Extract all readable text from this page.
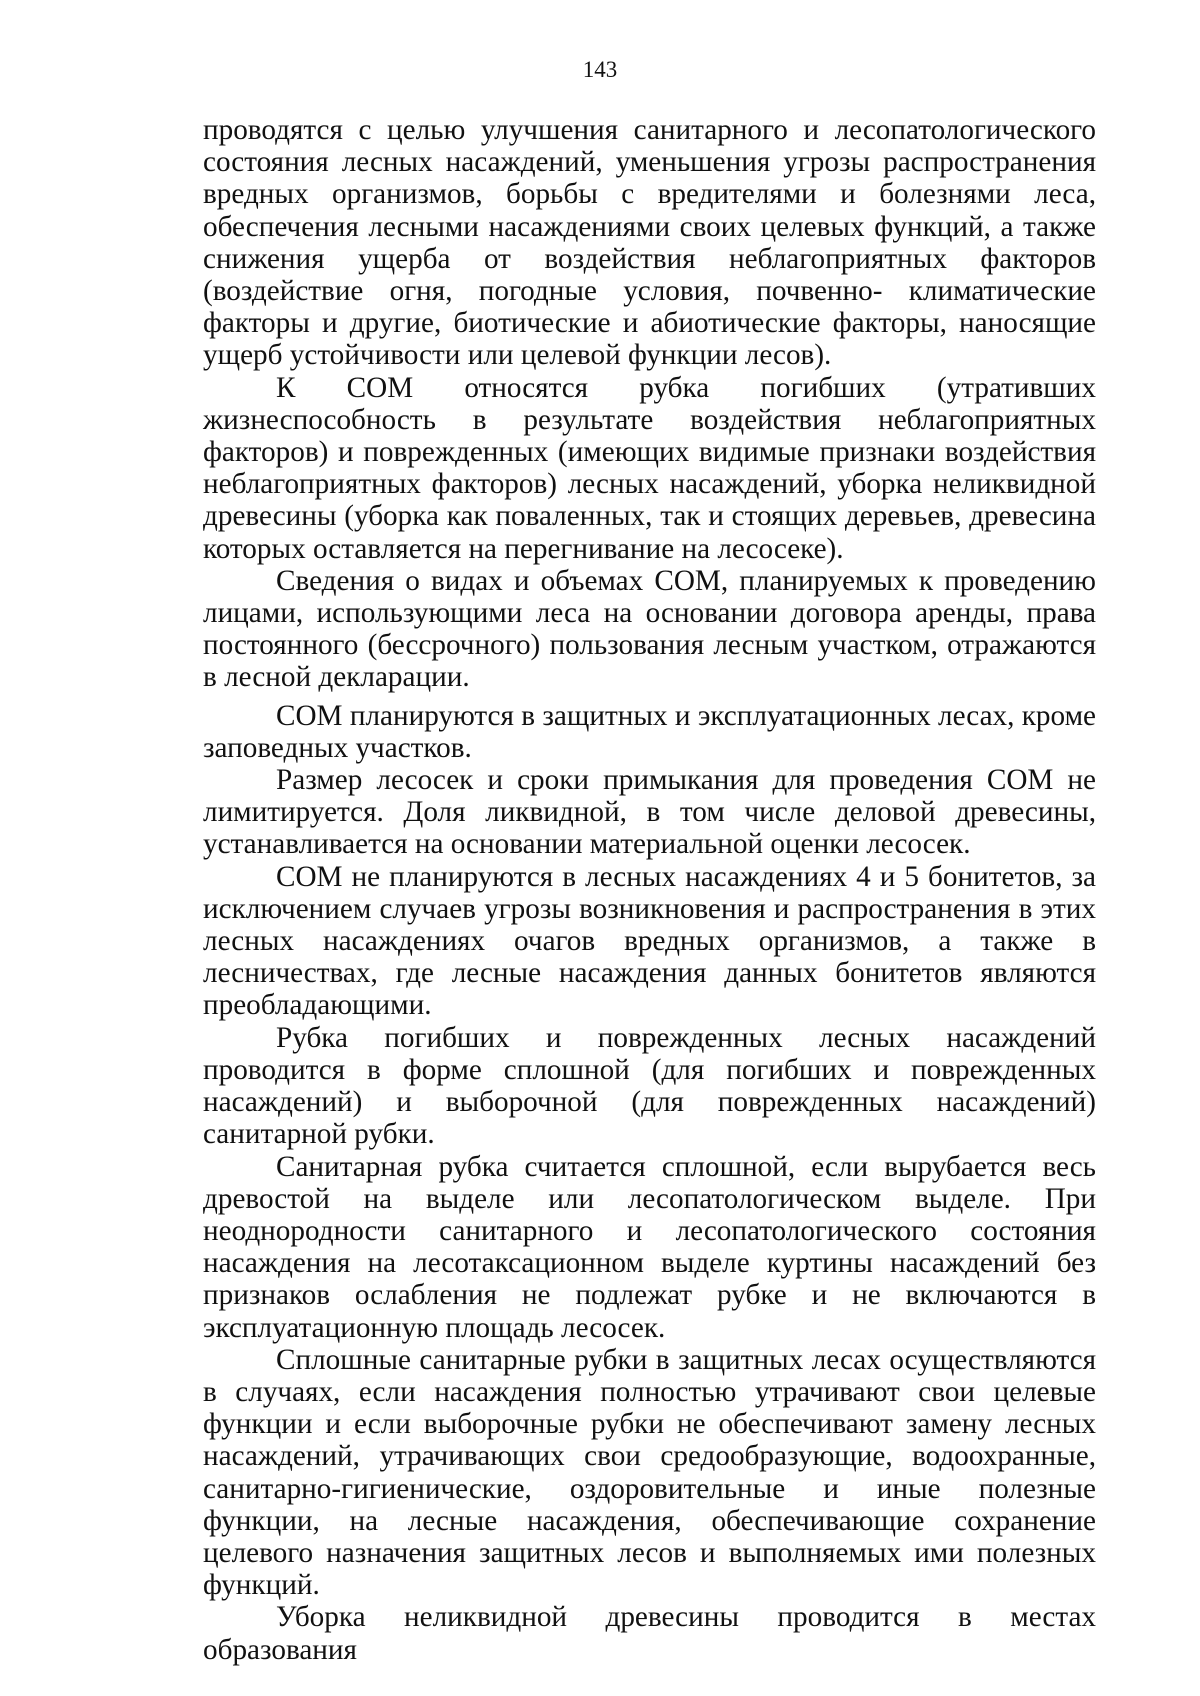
143

проводятся с целью улучшения санитарного и лесопатологического состояния лесных насаждений, уменьшения угрозы распространения вредных организмов, борьбы с вредителями и болезнями леса, обеспечения лесными насаждениями своих целевых функций, а также снижения ущерба от воздействия неблагоприятных факторов (воздействие огня, погодные условия, почвенно- климатические факторы и другие, биотические и абиотические факторы, наносящие ущерб устойчивости или целевой функции лесов).

К СОМ относятся рубка погибших (утративших жизнеспособность в результате воздействия неблагоприятных факторов) и поврежденных (имеющих видимые признаки воздействия неблагоприятных факторов) лесных насаждений, уборка неликвидной древесины (уборка как поваленных, так и стоящих деревьев, древесина которых оставляется на перегнивание на лесосеке).

Сведения о видах и объемах СОМ, планируемых к проведению лицами, использующими леса на основании договора аренды, права постоянного (бессрочного) пользования лесным участком, отражаются в лесной декларации.

СОМ планируются в защитных и эксплуатационных лесах, кроме заповедных участков.

Размер лесосек и сроки примыкания для проведения СОМ не лимитируется. Доля ликвидной, в том числе деловой древесины, устанавливается на основании материальной оценки лесосек.

СОМ не планируются в лесных насаждениях 4 и 5 бонитетов, за исключением случаев угрозы возникновения и распространения в этих лесных насаждениях очагов вредных организмов, а также в лесничествах, где лесные насаждения данных бонитетов являются преобладающими.

Рубка погибших и поврежденных лесных насаждений проводится в форме сплошной (для погибших и поврежденных насаждений) и выборочной (для поврежденных насаждений) санитарной рубки.

Санитарная рубка считается сплошной, если вырубается весь древостой на выделе или лесопатологическом выделе. При неоднородности санитарного и лесопатологического состояния насаждения на лесотаксационном выделе куртины насаждений без признаков ослабления не подлежат рубке и не включаются в эксплуатационную площадь лесосек.

Сплошные санитарные рубки в защитных лесах осуществляются в случаях, если насаждения полностью утрачивают свои целевые функции и если выборочные рубки не обеспечивают замену лесных насаждений, утрачивающих свои средообразующие, водоохранные, санитарно-гигиенические, оздоровительные и иные полезные функции, на лесные насаждения, обеспечивающие сохранение целевого назначения защитных лесов и выполняемых ими полезных функций.

Уборка неликвидной древесины проводится в местах образования
